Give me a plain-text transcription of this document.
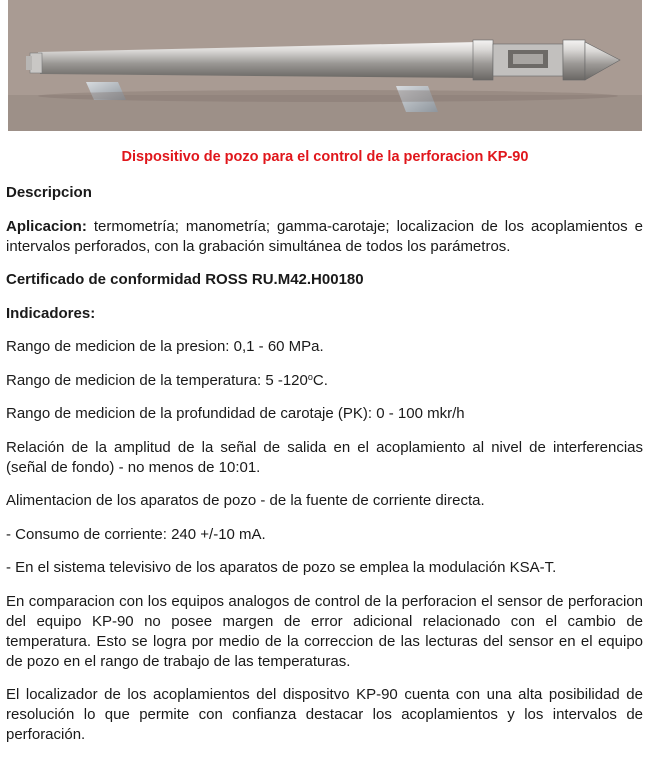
Dispositivo de pozo para el control de la perforacion KP-90

Descripcion

Aplicacion: termometría; manometría; gamma-carotaje; localizacion de los acoplamientos e intervalos perforados, con la grabación simultánea de todos los parámetros.

Certificado de conformidad ROSS RU.M42.H00180

Indicadores:

Rango de medicion de la presion: 0,1 - 60 MPa.

Rango de medicion de la temperatura: 5 -120$^o$C.

Rango de medicion de la profundidad de carotaje (PK): 0 - 100 mkr/h

Relación de la amplitud de la señal de salida en el acoplamiento al nivel de interferencias (señal de fondo) - no menos de 10:01.

Alimentacion de los aparatos de pozo - de la fuente de corriente directa.

- Consumo de corriente: 240 +/-10 mA.

- En el sistema televisivo de los aparatos de pozo se emplea la modulación KSA-T.

En comparacion con los equipos analogos de control de la perforacion el sensor de perforacion del equipo KP-90 no posee margen de error adicional relacionado con el cambio de temperatura. Esto se logra por medio de la correccion de las lecturas del sensor en el equipo de pozo en el rango de trabajo de las temperaturas.

El localizador de los acoplamientos del dispositvo KP-90 cuenta con una alta posibilidad de resolución lo que permite con confianza destacar los acoplamientos y los intervalos de perforación.
